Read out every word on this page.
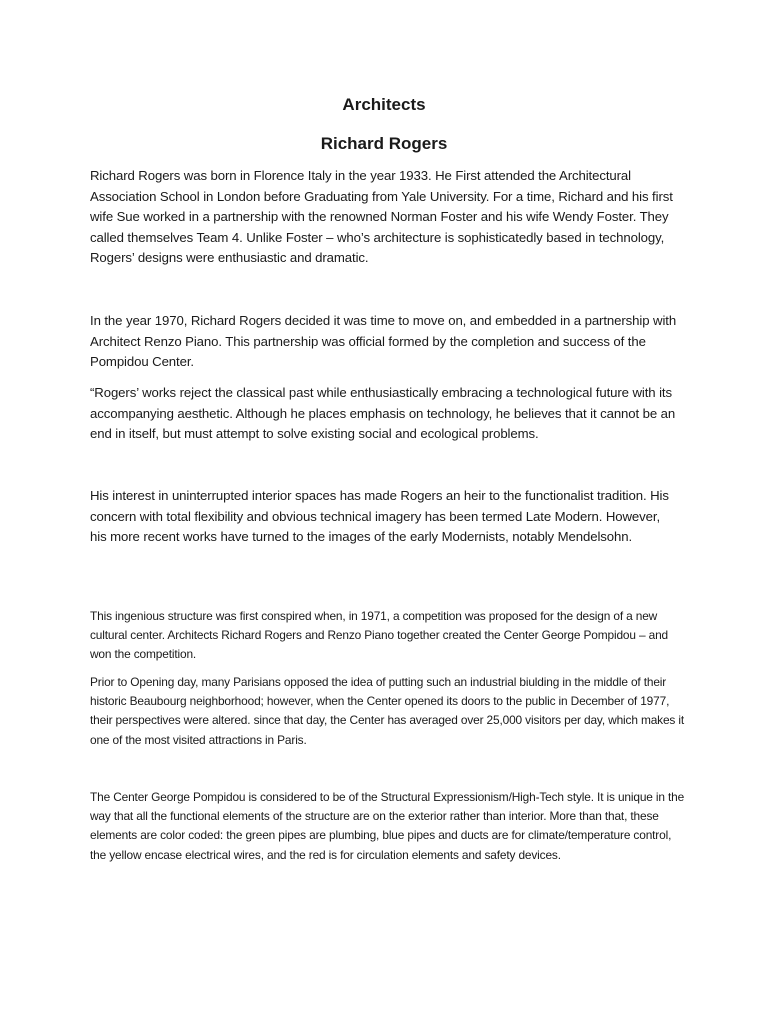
Architects
Richard Rogers

Richard Rogers was born in Florence Italy in the year 1933. He First attended the Architectural Association School in London before Graduating from Yale University. For a time, Richard and his first wife Sue worked in a partnership with the renowned Norman Foster and his wife Wendy Foster. They called themselves Team 4. Unlike Foster – who’s architecture is sophisticatedly based in technology, Rogers’ designs were enthusiastic and dramatic.

In the year 1970, Richard Rogers decided it was time to move on, and embedded in a partnership with Architect Renzo Piano. This partnership was official formed by the completion and success of the Pompidou Center.

“Rogers’ works reject the classical past while enthusiastically embracing a technological future with its accompanying aesthetic. Although he places emphasis on technology, he believes that it cannot be an end in itself, but must attempt to solve existing social and ecological problems.

His interest in uninterrupted interior spaces has made Rogers an heir to the functionalist tradition. His concern with total flexibility and obvious technical imagery has been termed Late Modern. However, his more recent works have turned to the images of the early Modernists, notably Mendelsohn.

This ingenious structure was first conspired when, in 1971, a competition was proposed for the design of a new cultural center. Architects Richard Rogers and Renzo Piano together created the Center George Pompidou – and won the competition.

Prior to Opening day, many Parisians opposed the idea of putting such an industrial biulding in the middle of their historic Beaubourg neighborhood; however, when the Center opened its doors to the public in December of 1977, their perspectives were altered. since that day, the Center has averaged over 25,000 visitors per day, which makes it one of the most visited attractions in Paris.

The Center George Pompidou is considered to be of the Structural Expressionism/High-Tech style. It is unique in the way that all the functional elements of the structure are on the exterior rather than interior. More than that, these elements are color coded: the green pipes are plumbing, blue pipes and ducts are for climate/temperature control, the yellow encase electrical wires, and the red is for circulation elements and safety devices.
